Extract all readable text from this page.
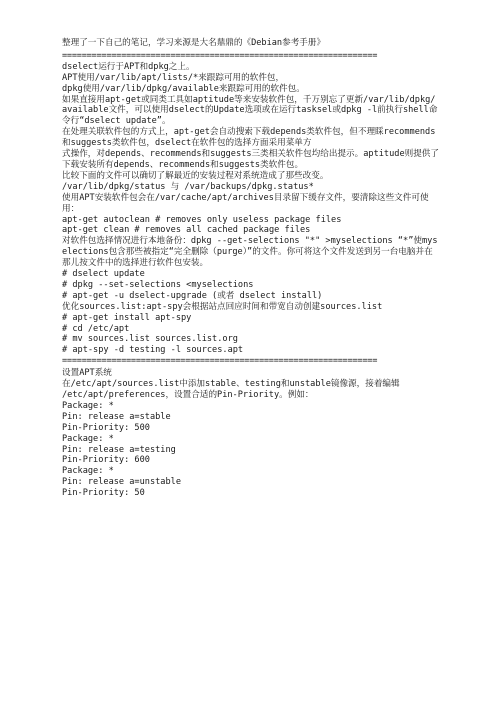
整理了一下自己的笔记，学习来源是大名鼎鼎的《Debian参考手册》
================================================================
dselect运行于APT和dpkg之上。
APT使用/var/lib/apt/lists/*来跟踪可用的软件包，
dpkg使用/var/lib/dpkg/available来跟踪可用的软件包。
如果直接用apt-get或同类工具如aptitude等来安装软件包，千万别忘了更新/var/lib/dpkg/available文件，可以使用dselect的Update选项或在运行tasksel或dpkg -l前执行shell命令行“dselect update”。
在处理关联软件包的方式上，apt-get会自动搜索下载depends类软件包，但不理睬recommends和suggests类软件包，dselect在软件包的选择方面采用菜单方
式操作，对depends、recommends和suggests三类相关软件包均给出提示。aptitude则提供了下载安装所有depends、recommends和suggests类软件包。
比较下面的文件可以确切了解最近的安装过程对系统造成了那些改变。
/var/lib/dpkg/status 与 /var/backups/dpkg.status*
使用APT安装软件包会在/var/cache/apt/archives目录留下缓存文件，要清除这些文件可使用：
apt-get autoclean # removes only useless package files
apt-get clean # removes all cached package files
对软件包选择情况进行本地备份：dpkg --get-selections "*" >myselections “*”使myselections包含那些被指定“完全删除（purge）”的文件。你可将这个文件发送到另一台电脑并在那儿按文件中的选择进行软件包安装。
# dselect update
# dpkg --set-selections <myselections
# apt-get -u dselect-upgrade (或者 dselect install)
优化sources.list:apt-spy会根据站点回应时间和带宽自动创建sources.list
# apt-get install apt-spy
# cd /etc/apt
# mv sources.list sources.list.org
# apt-spy -d testing -l sources.apt
================================================================
设置APT系统
在/etc/apt/sources.list中添加stable、testing和unstable镜像源，接着编辑
/etc/apt/preferences，设置合适的Pin-Priority。例如：
Package: *
Pin: release a=stable
Pin-Priority: 500
Package: *
Pin: release a=testing
Pin-Priority: 600
Package: *
Pin: release a=unstable
Pin-Priority: 50
